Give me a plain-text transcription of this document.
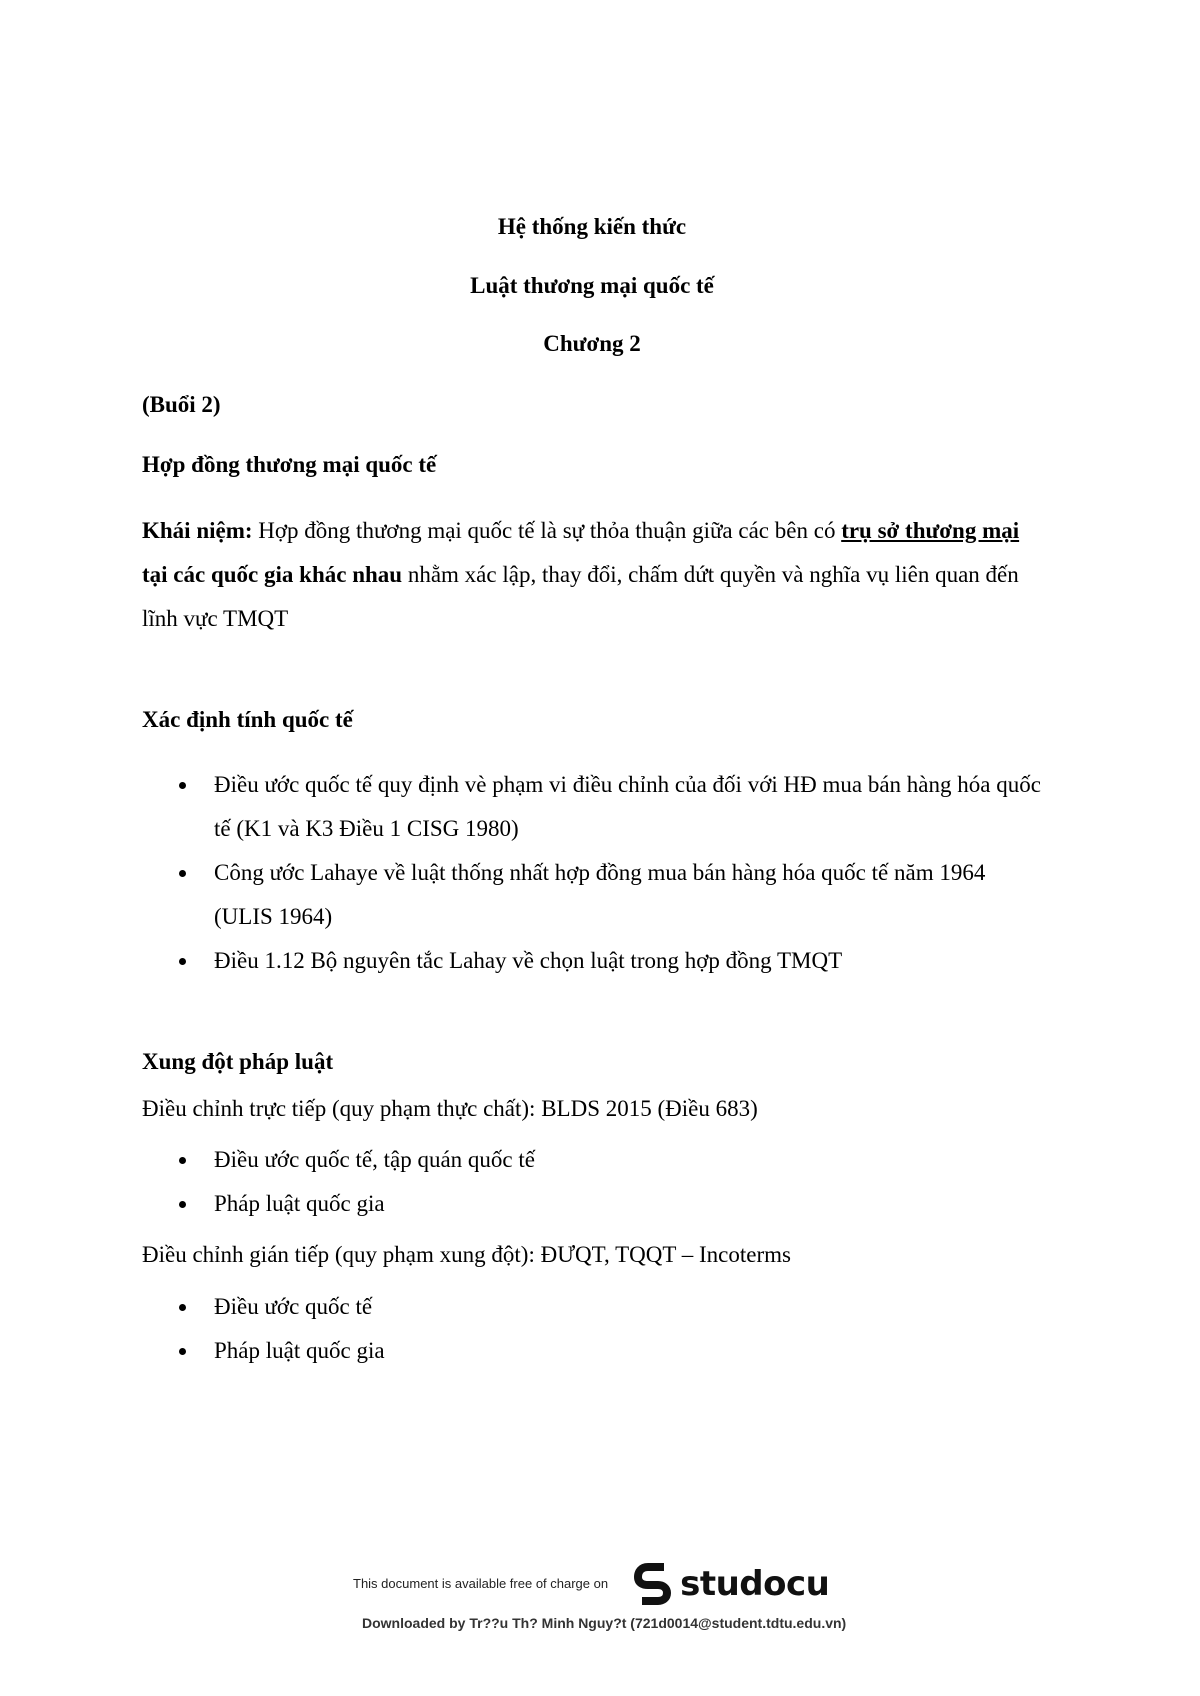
Hệ thống kiến thức

Luật thương mại quốc tế

Chương 2

(Buổi 2)

Hợp đồng thương mại quốc tế

Khái niệm: Hợp đồng thương mại quốc tế là sự thỏa thuận giữa các bên có trụ sở thương mại tại các quốc gia khác nhau nhằm xác lập, thay đổi, chấm dứt quyền và nghĩa vụ liên quan đến lĩnh vực TMQT

Xác định tính quốc tế

Điều ước quốc tế quy định vè phạm vi điều chỉnh của đối với HĐ mua bán hàng hóa quốc tế (K1 và K3 Điều 1 CISG 1980)
Công ước Lahaye về luật thống nhất hợp đồng mua bán hàng hóa quốc tế năm 1964 (ULIS 1964)
Điều 1.12 Bộ nguyên tắc Lahay về chọn luật trong hợp đồng TMQT

Xung đột pháp luật

Điều chỉnh trực tiếp (quy phạm thực chất): BLDS 2015 (Điều 683)

Điều ước quốc tế, tập quán quốc tế
Pháp luật quốc gia

Điều chỉnh gián tiếp (quy phạm xung đột): ĐƯQT, TQQT – Incoterms

Điều ước quốc tế
Pháp luật quốc gia
This document is available free of charge on studocu
Downloaded by Tr??u Th? Minh Nguy?t (721d0014@student.tdtu.edu.vn)
